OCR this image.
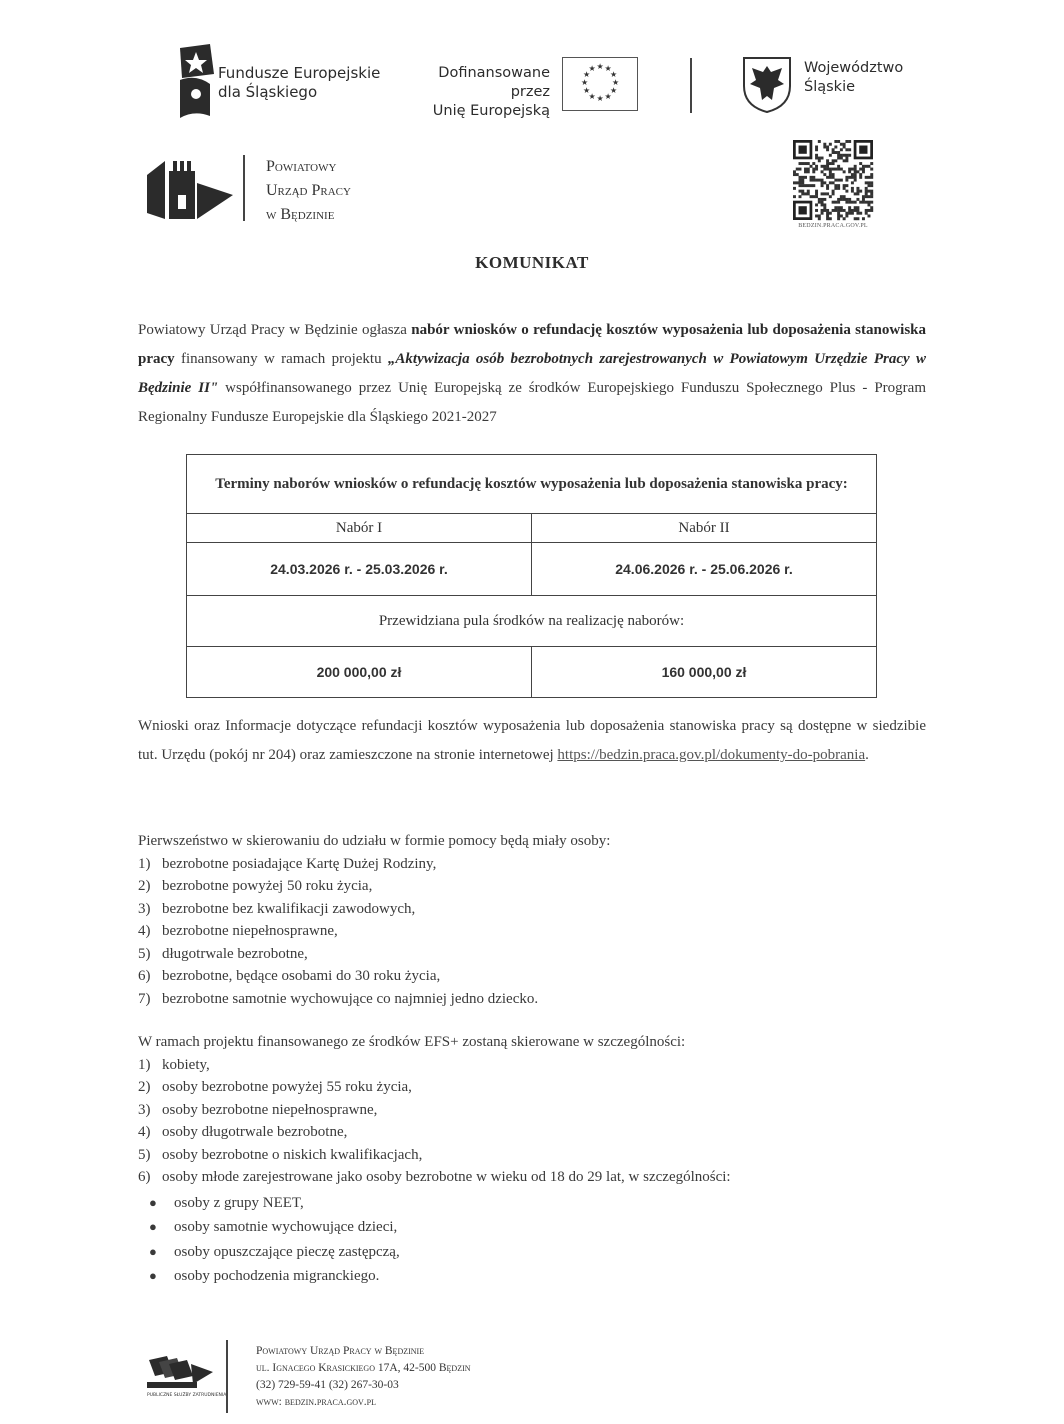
Fundusze Europejskie
dla Śląskiego
Dofinansowane przez
Unię Europejską
★ ★
★
★
★
★
★
★
★
★
★
★	Województwo
Śląskie
Powiatowy
Urząd Pracy
w Będzinie
BEDZIN.PRACA.GOV.PL
KOMUNIKAT
Powiatowy Urząd Pracy w Będzinie ogłasza nabór wniosków o refundację kosztów wyposażenia lub doposażenia stanowiska pracy finansowany w ramach projektu „Aktywizacja osób bezrobotnych zarejestrowanych w Powiatowym Urzędzie Pracy w Będzinie II" współfinansowanego przez Unię Europejską ze środków Europejskiego Funduszu Społecznego Plus - Program Regionalny Fundusze Europejskie dla Śląskiego 2021-2027
Terminy naborów wniosków o refundację kosztów wyposażenia lub doposażenia stanowiska pracy:	
Nabór I	Nabór II
24.03.2026 r. - 25.03.2026 r.	24.06.2026 r. - 25.06.2026 r.
Przewidziana pula środków na realizację naborów:	
200 000,00 zł	160 000,00 zł
Wnioski oraz Informacje dotyczące refundacji kosztów wyposażenia lub doposażenia stanowiska pracy są dostępne w siedzibie tut. Urzędu (pokój nr 204) oraz zamieszczone na stronie internetowej https://bedzin.praca.gov.pl/dokumenty-do-pobrania.
Pierwszeństwo w skierowaniu do udziału w formie pomocy będą miały osoby:
1) bezrobotne posiadające Kartę Dużej Rodziny,
2) bezrobotne powyżej 50 roku życia,
3) bezrobotne bez kwalifikacji zawodowych,
4) bezrobotne niepełnosprawne,
5) długotrwale bezrobotne,
6) bezrobotne, będące osobami do 30 roku życia,
7) bezrobotne samotnie wychowujące co najmniej jedno dziecko.
W ramach projektu finansowanego ze środków EFS+ zostaną skierowane w szczególności:
1) kobiety,
2) osoby bezrobotne powyżej 55 roku życia,
3) osoby bezrobotne niepełnosprawne,
4) osoby długotrwale bezrobotne,
5) osoby bezrobotne o niskich kwalifikacjach,
6) osoby młode zarejestrowane jako osoby bezrobotne w wieku od 18 do 29 lat, w szczególności:
● osoby z grupy NEET,
● osoby samotnie wychowujące dzieci,
● osoby opuszczające pieczę zastępczą,
● osoby pochodzenia migranckiego.
PUBLICZNE SŁUŻBY ZATRUDNIENIA
Powiatowy Urząd Pracy w Będzinie
ul. Ignacego Krasickiego 17A, 42-500 Będzin
(32) 729-59-41 (32) 267-30-03
www: bedzin.praca.gov.pl
